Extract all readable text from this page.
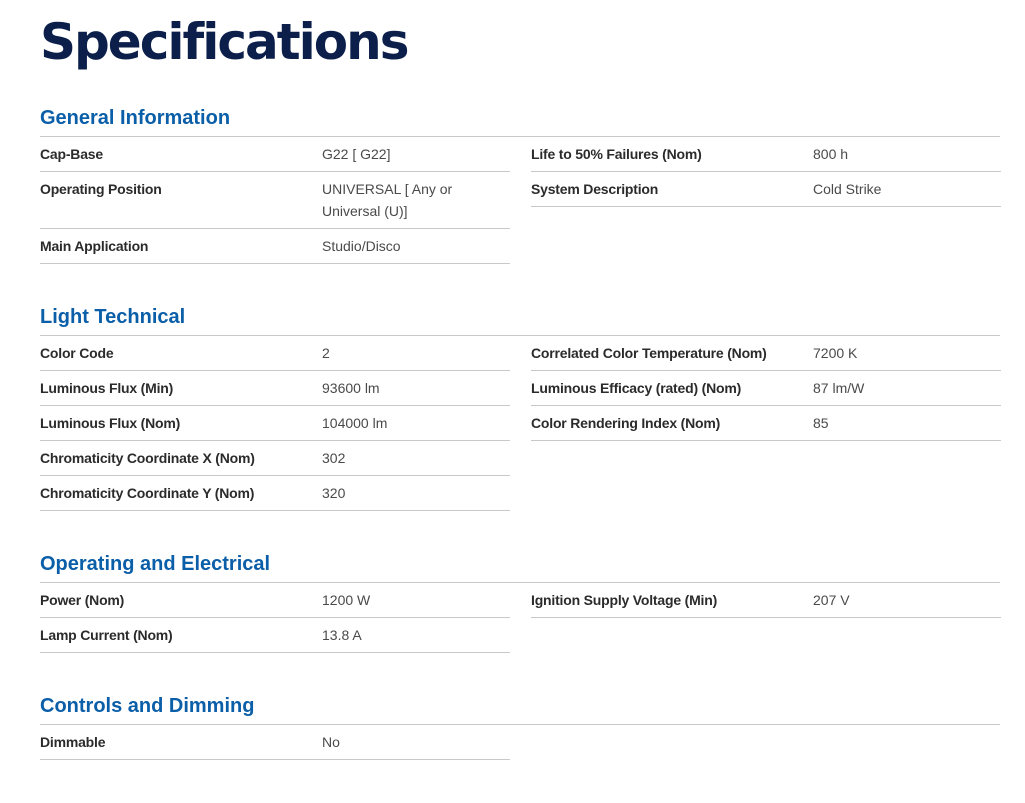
Specifications
General Information
Cap-Base	G22 [ G22]
Operating Position	UNIVERSAL [ Any or Universal (U)]
Main Application	Studio/Disco
Life to 50% Failures (Nom)	800 h
System Description	Cold Strike
Light Technical
Color Code	2
Luminous Flux (Min)	93600 lm
Luminous Flux (Nom)	104000 lm
Chromaticity Coordinate X (Nom)	302
Chromaticity Coordinate Y (Nom)	320
Correlated Color Temperature (Nom)	7200 K
Luminous Efficacy (rated) (Nom)	87 lm/W
Color Rendering Index (Nom)	85
Operating and Electrical
Power (Nom)	1200 W
Lamp Current (Nom)	13.8 A
Ignition Supply Voltage (Min)	207 V
Controls and Dimming
Dimmable	No
